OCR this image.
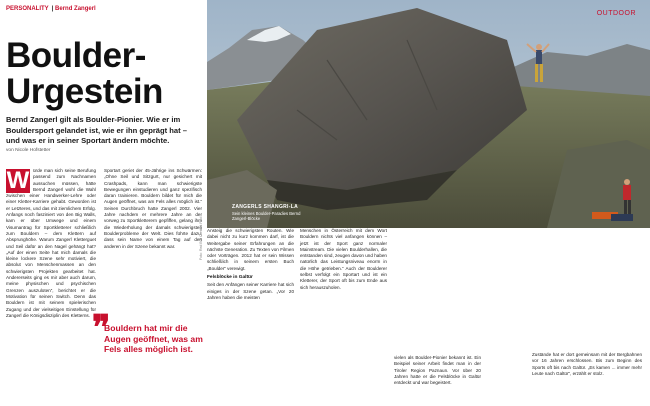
PERSONALITY | Bernd Zangerl
OUTDOOR
Boulder-
Urgestein
Bernd Zangerl gilt als Boulder-Pionier. Wie er im Bouldersport gelandet ist, wie er ihn geprägt hat – und was er in seiner Sportart ändern möchte.
von Nicole Hofstetter
W ürde man sich seine Berufung passend zum Nachnamen aussuchen müssen, hätte Bernd Zangerl wohl die Wahl zwischen einer Handwerker-Lehre oder einer Kletter-Karriere gehabt. Geworden ist er Letzteres, und das mit ziemlichem Erfolg. Anfangs noch fasziniert von den Big Walls, kam er über Umwege und einem Visumantrag für Sportkletterer schließlich zum Bouldern – dem Klettern auf Absprunghöhe. Warum Zangerl Kletterguet und Seil dafür an den Nagel gehängt hat? „Auf der einen Seite hat mich damals die kleine lockere Szene sehr motiviert, die absolut von Menschenmassen an den schwierigsten Projekten gearbeitet hat. Andererseits ging es mir aber auch darum, meine physischen und psychischen Grenzen auszuloten“, berichtet er die Motivation für seinen Switch. Denn das Bouldern ist mit seinem spielerischen Zugang und der vielseitigen Einstellung für Zangerl die Königsdisziplin des Kletterns.
Sportart geriet der 45-Jährige ins Schwärmen: „Ohne Seil und Sitzgurt, nur gesichert mit Crashpads, kann man schwierigste Bewegungen einstudieren und ganz spezifisch daran trainieren. Bouldern bildet für mich die Augen geöffnet, was am Fels alles möglich ist.“ Seinen Durchbruch hatte Zangerl 2002. Vier Jahre nachdem er mehrere Jahre an der vorweg zu Sportkletterern gepfiffen, gelang ihm die Wiederholung der damals schwierigsten Boulderprobleme der Welt. Dies führte dazu, dass sein Name von einem Tag auf den anderen in der Szene bekannt war.
❞
Bouldern hat mir die Augen geöffnet, was am Fels alles möglich ist.
Foto: Red Bull Content Pool
ZANGERLS SHANGRI-LA
Sein kleines Boulder-Paradies Bernd Zangerl-Blöcke
Ansteig die schwierigsten Routen. Wie dabei nicht zu kurz kommen darf, ist die Weitergabe seiner Erfahrungen an die nächste Generation. Zu Texten von Filmen oder Vorträgen. 2012 hat er sein Wissen schließlich in seinem ersten Buch „Boulder“ verewigt.
Felsblöcke in Galtür
Seit den Anfängen seiner Karriere hat sich einiges in der Szene getan. „Vor 20 Jahren haben die meisten
Menschen in Österreich mit dem Wort Bouldern nichts viel anfangen können – jetzt ist der Sport ganz normaler Mainstream. Die vielen Boulderhallen, die entstanden sind, zeugen davon und haben natürlich das Leistungsniveau enorm in die Höhe getrieben.“ Auch der Boulderer selbst verfolgt ein Sportart und ist ein Kletterer, der Sport oft bis zum Ende aus sich herauszuholen.
vielen als Boulder-Pionier bekannt ist. Ein Beispiel seiner Arbeit findet man in der Tiroler Region Paznaun. Vor über 20 Jahren hatte er die Felsblöcke in Galtür entdeckt und war begeistert.
Zustände hat er dort gemeinsam mit der Bergbahnen vor 16 Jahren erschlossen. Bis zum Beginn des Sports oft bis nach Galtür. „Es kamen ... immer mehr Leute nach Galtür“, erzählt er stolz.
